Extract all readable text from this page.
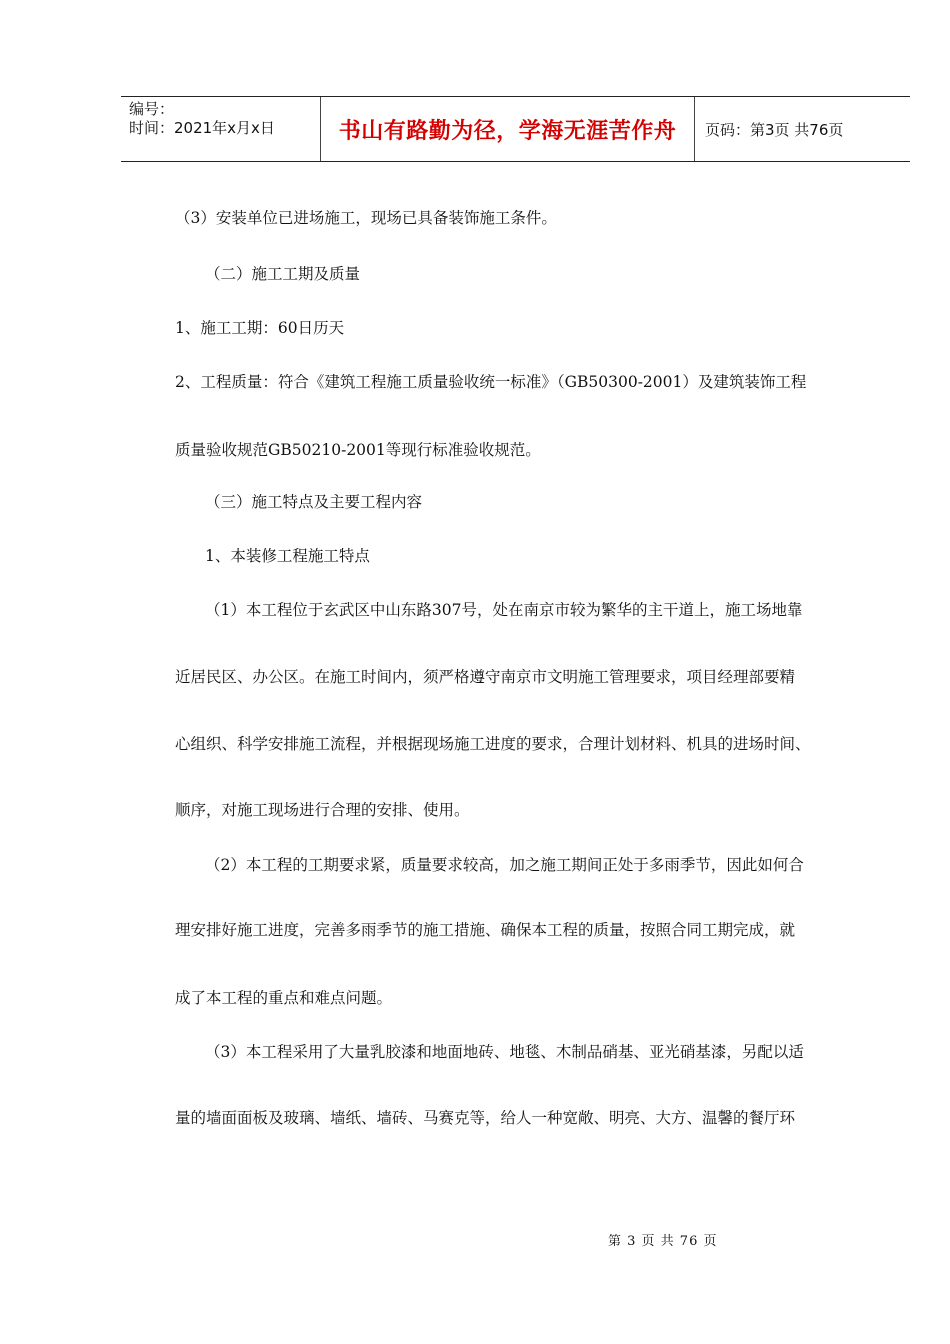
编号：
时间：2021年x月x日	书山有路勤为径，学海无涯苦作舟 页码：第3页 共76页
（3）安装单位已进场施工，现场已具备装饰施工条件。
（二）施工工期及质量
1、施工工期：60日历天
2、工程质量：符合《建筑工程施工质量验收统一标准》（GB50300-2001）及建筑装饰工程
质量验收规范GB50210-2001等现行标准验收规范。
（三）施工特点及主要工程内容
1、本装修工程施工特点
（1）本工程位于玄武区中山东路307号，处在南京市较为繁华的主干道上，施工场地靠
近居民区、办公区。在施工时间内，须严格遵守南京市文明施工管理要求，项目经理部要精
心组织、科学安排施工流程，并根据现场施工进度的要求，合理计划材料、机具的进场时间、
顺序，对施工现场进行合理的安排、使用。
（2）本工程的工期要求紧，质量要求较高，加之施工期间正处于多雨季节，因此如何合
理安排好施工进度，完善多雨季节的施工措施、确保本工程的质量，按照合同工期完成，就
成了本工程的重点和难点问题。
（3）本工程采用了大量乳胶漆和地面地砖、地毯、木制品硝基、亚光硝基漆，另配以适
量的墙面面板及玻璃、墙纸、墙砖、马赛克等，给人一种宽敞、明亮、大方、温馨的餐厅环
第 3 页 共 76 页
